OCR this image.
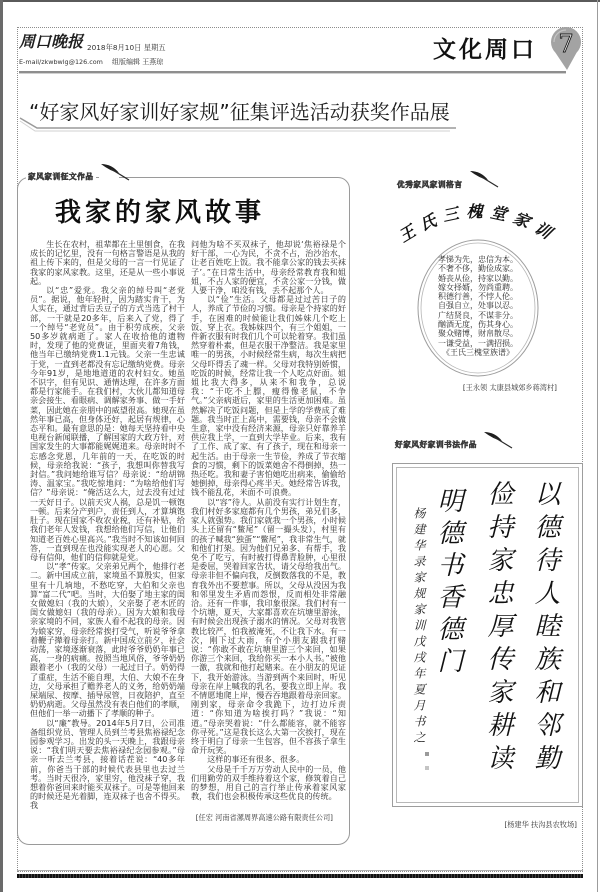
周口晚报 2018年8月10日 星期五
E-mail/zkwbwlg@126.com 组版编辑 王燕琼	文化周口 7
“好家风好家训好家规”征集评选活动获奖作品展
家风家训征文作品
我家的家风故事

生长在农村，祖辈都在土里刨食，在我成长的记忆里，没有一句格言警语是从我的祖上传下来的，但是父母的一言一行见证了我家的家风家教。这里，还是从一些小事说起。

以“忠”爱党。我父亲的绰号叫“老党员”。据说，他年轻时，因为踏实肯干，为人实在，通过背后丢豆子的方式当选了村干部，一干就是20多年，后来入了党，得了一个绰号“老党员”。由于积劳成疾，父亲50多岁就病逝了。家人在收拾他的遗物时，发现了他的党费证，里面夹着7角钱，他当年已缴纳党费1.1元钱。父亲一生忠诚于党，一直到老都没有忘记缴纳党费。母亲今年91岁，是地地道道的农村妇女。她虽不识字，但有见识、通情达理，在许多方面都是行家能手。在我们村，大伙儿都知道母亲会接生、看眼病、调解家务事、做一手好菜，因此她在亲朋中的威望很高。她现在虽然年事已高，但身体还好，起居有规律，心态平和。最有意思的是：她每天坚持看中央电视台新闻联播，了解国家的大政方针，对国家发生的大事都能娓娓道来。母亲时时不忘感念党恩，几年前的一天，在吃饭的时候，母亲给我说：“孩子，我想叫你替我写封信。”我问她给谁写信？母亲说：“给胡锦涛、温家宝。”我吃惊地问：“为啥给他们写信？”母亲说：“俺活这么大，过去没有过过一天好日子。以前天灾人祸，总是饥一顿饱一顿。后来分产到户，责任到人，才算填饱肚子。现在国家不收农业税，还有补贴，给我们老年人发钱，我想给他们写信，让他们知道老百姓心里高兴。”我当时不知该如何回答，一直到现在也没能实现老人的心愿。父母有信仰，他们的信仰就是党。

以“孝”传家。父亲弟兄两个，他排行老二。新中国成立前，家境虽不算殷实，但家里有十几垧地，不愁吃穿，大伯和父亲也算“富二代”吧。当时，大伯娶了地主家的闺女做媳妇（我的大娘），父亲娶了老木匠的闺女做媳妇（我的母亲）。因为大娘和我母亲家境的不同，家族人看不起我的母亲。因为娘家穷，母亲经常挨打受气，听说爷爷拿着鞭子撵着母亲打。新中国成立前夕，社会动荡，家境逐渐衰落，此时爷爷奶奶年事已高，一身的病痛。按照当地风俗，爷爷奶奶跟着老小（我的父母）一起过日子。奶奶得了重症，生活不能自理，大伯、大娘不在身边，父母承担了赡养老人的义务，给奶奶端屎端尿、按摩、插导尿管，日夜陪护，直至奶奶病逝。父母虽然没有表白他们的孝顺，但他们一举一动播下了孝顺的种子。

以“廉”教导。2014年5月7日，公司准备组织党员、管理人员到兰考县焦裕禄纪念园参观学习。出发的头一天晚上，我跟母亲说：“我们明天要去焦裕禄纪念园参观。”母亲一听去兰考县，接着话茬说：“40多年前，你爸当干部的时候代表县里也去过兰考。当时天很冷，家里穷，他没袜子穿，我想着你爸回来时能买双袜子。可是等他回来的时候还是光着脚，连双袜子也舍不得买。我

问他为啥不买双袜子，他却说‘焦裕禄是个好干部，一心为民，不贪不占，治沙治水，让老百姓吃上饭。我不能拿公家的钱去买袜子’。”在日常生活中，母亲经常教育我和姐姐，不占人家的便宜，不贪公家一分钱，做人要干净，咱没有钱，丢不起那个人。

以“俭”生活。父母都是过过苦日子的人，养成了节俭的习惯。母亲是个持家的好手，在困难的时候能让我们姊妹几个吃上饭、穿上衣。我姊妹四个，有三个姐姐，一件新衣服有时我们几个可以轮着穿。我们虽然穿着朴素，但是衣服干净整洁。我是家里唯一的男孩，小时候经常生病，每次生病把父母吓得丢了魂一样。父母对我特别娇惯，吃饭的时候，经常让我一个人吃点好面。姐姐比我大得多，从来不和我争，总说我：“干吃不上膘，瘦得像老鼠，不争气。”父亲病逝后，家里的生活更加困难。虽然解决了吃饭问题，但是上学的学费成了难题。我当时正上高中，需要钱，母亲不会做生意，家中没有经济来源，母亲只好靠养羊供应我上学，一直到大学毕业。后来，我有了工作、成了家、有了孩子，现在和母亲一起生活。由于母亲一生节俭，养成了节衣缩食的习惯，剩下的饭菜她舍不得倒掉，热一热还吃。我和妻子害怕她吃出病来，偷偷给她倒掉，母亲得心疼半天。她经常告诉我，钱不能乱花，米面不可浪费。

以“容”待人。从前没有实行计划生育，我们村好多家庭都有几个男孩，弟兄们多，家人就强势。我们家就我一个男孩，小时候头上还留有“鳖尾”（留一撮头发），村里有的孩子喊我“独蛋”“鳖尾”，我非常生气，就和他们打架。因为他们兄弟多、有帮手，我免不了吃亏，有时被打得鼻青脸肿，心里很是委屈，哭着回家告状，请父母给我出气。母亲非但不偏向我，反倒数落我的不是，教育我外出不要惹事。所以，父母从没因为我和邻里发生矛盾而怨恨，反而相处非常融洽。还有一件事，我印象很深。我们村有一个坑塘，夏天，大家都喜欢在坑塘里游泳，有时候会出现孩子溺水的情况。父母对我管教比较严，怕我被淹死，不让我下水。有一次，刚下过大雨，有个小朋友跟我打赌说：“你敢不敢在坑塘里游三个来回，如果你游三个来回，我给你买一本小人书。”被他一激，我就和他打起赌来。在小朋友的见证下，我开始游泳。当游到两个来回时，听见母亲在岸上喊我的乳名，要我立即上岸。我不情愿地爬上岸，慢吞吞地跟着母亲回家。刚到家，母亲命令我跪下，边打边斥责道：“你知道为啥挨打吗？”我说：“知道。”母亲哭着说：“什么都能容，就不能容你寻死。”这是我长这么大第一次挨打，现在终于明白了母亲一生包容，但不容孩子拿生命开玩笑。

这样的事还有很多、很多。

父母是千千万万劳动人民中的一员，他们用勤劳的双手维持着这个家，修筑着自己的梦想，用自己的言行举止传承着家风家教，我们也会积极传承这些优良的传统。

[任宏 河南省漯周界高速公路有限责任公司]
优秀家风家训格言
王氏三槐堂家训
孝悌为先，忠信为本。
不奢不侈，勤俭成家。
婚丧从俭，持家以勤。
嫁女择婿，勿尚重聘。
积德行善，不悖人伦。
自强自立，处事以忍。
广结贤良，不谋非分。
酗酒无度，伤其身心。
聚众赌博，财帛散尽。
一谦受益，一满招损。
《王氏三槐堂族谱》
[王永领 太康县城郊乡蒋湾村]
好家风好家训书法作品
以德待人睦族和邻勤
俭持家忠厚传家耕读
明德书香德门
杨建华录家规家训戊戌年夏月书之
[杨建华 扶沟县农牧场]
